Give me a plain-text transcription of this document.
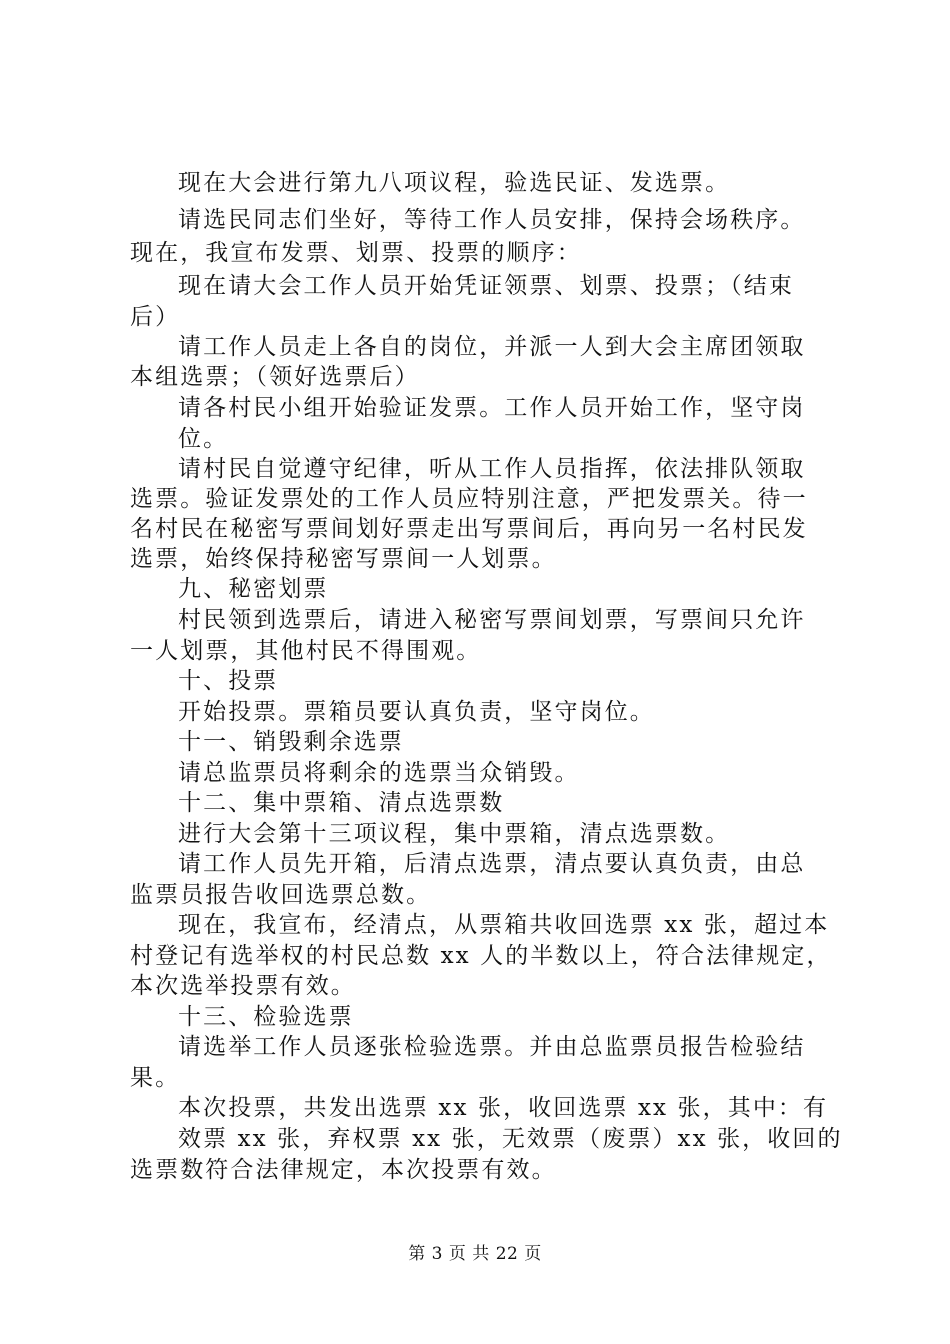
现在大会进行第九八项议程，验选民证、发选票。
请选民同志们坐好，等待工作人员安排，保持会场秩序。
现在，我宣布发票、划票、投票的顺序：
现在请大会工作人员开始凭证领票、划票、投票；（结束
后）
请工作人员走上各自的岗位，并派一人到大会主席团领取
本组选票；（领好选票后）
请各村民小组开始验证发票。工作人员开始工作，坚守岗
位。
请村民自觉遵守纪律，听从工作人员指挥，依法排队领取
选票。验证发票处的工作人员应特别注意，严把发票关。待一
名村民在秘密写票间划好票走出写票间后，再向另一名村民发
选票，始终保持秘密写票间一人划票。
九、秘密划票
村民领到选票后，请进入秘密写票间划票，写票间只允许
一人划票，其他村民不得围观。
十、投票
开始投票。票箱员要认真负责，坚守岗位。
十一、销毁剩余选票
请总监票员将剩余的选票当众销毁。
十二、集中票箱、清点选票数
进行大会第十三项议程，集中票箱，清点选票数。
请工作人员先开箱，后清点选票，清点要认真负责，由总
监票员报告收回选票总数。
现在，我宣布，经清点，从票箱共收回选票 xx 张，超过本
村登记有选举权的村民总数 xx 人的半数以上，符合法律规定，
本次选举投票有效。
十三、检验选票
请选举工作人员逐张检验选票。并由总监票员报告检验结
果。
本次投票，共发出选票 xx 张，收回选票 xx 张，其中：有
效票 xx 张，弃权票 xx 张，无效票（废票）xx 张，收回的
选票数符合法律规定，本次投票有效。
第 3 页 共 22 页
